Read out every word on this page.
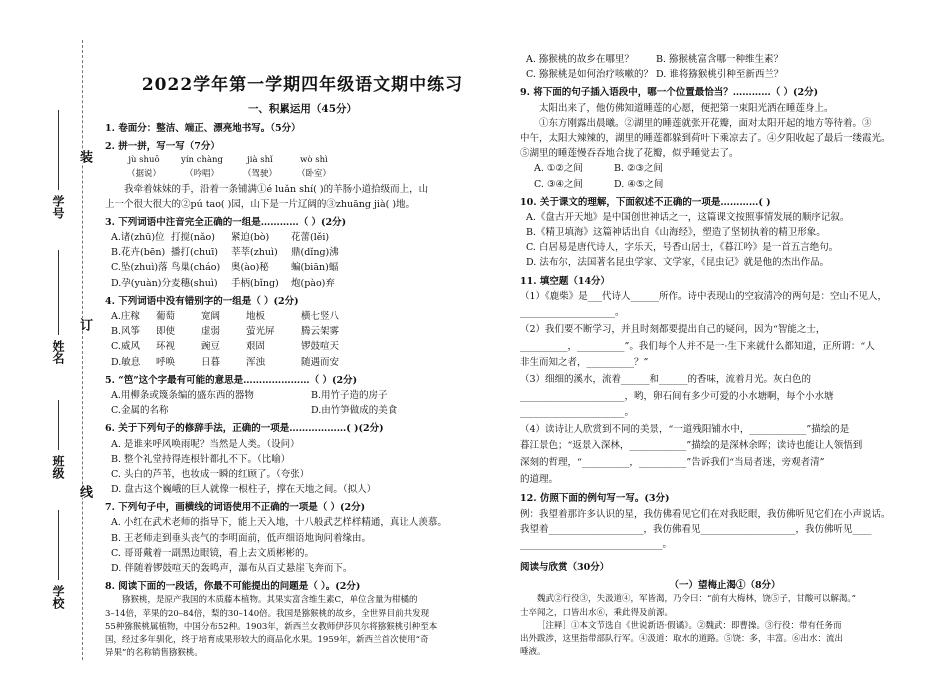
装
订
线
学号
姓名
班级
学校
2022学年第一学期四年级语文期中练习
一、积累运用（45分）
1. 卷面分：整洁、端正、漂亮地书写。（5分）
2. 拼一拼，写一写（7分）
jù shuō
（据说）
yín chàng
（吟唱）
jià shǐ
（驾驶）
wò shì
（卧室）
我牵着妹妹的手，沿着一条铺满①é luǎn shí( )的羊肠小道拾级而上，山
上一个很大很大的②pú tao( )园，山下是一片辽阔的③zhuāng jià( )地。
3. 下列词语中注音完全正确的一组是…………（ ）(2分)
A.诸(zhū)位 打搅(nǎo)	紧迫(bò)	花蕾(lěi)
B.花卉(bēn) 播打(chuī)	莘莘(zhuì)	鼎(dǐng)沸
C.坠(zhuì)落 鸟巢(cháo)	奥(ào)秘	蝙(biān)蝠
D.孕(yuàn)分 麦穗(shuì)	手柄(bǐng)	炮(pào)弃
4. 下列词语中没有错别字的一组是（ ）(2分)
A.庄稼	葡萄	宽阔	地板	横七竖八
B.风筝	即使	虚弱	萤光屏	腾云架雾
C.威风	环视	豌豆	艰固	锣鼓喧天
D.敏息	呼唤	日暮	浑浊	随遇而安
5. “笆”这个字最有可能的意思是…………………（ ）(2分)
A.用柳条或篾条编的盛东西的器物	B.用竹子造的房子
C.金属的名称	D.由竹笋做成的美食
6. 关于下列句子的修辞手法，正确的一项是………………( )(2分)
A. 是谁来呼风唤雨呢？当然是人类。（设问）
B. 整个礼堂持得连根针都扎不下。（比喻）
C. 头白的芦苇，也妆成一瞬的红顾了。（夸张）
D. 盘古这个巍峨的巨人就像一根柱子，撑在天地之间。（拟人）
7. 下列句子中，画横线的词语使用不正确的一项是（ ）(2分)
A. 小红在武术老师的指导下，能上天入地，十八般武艺样样精通，真让人羡慕。
B. 王老师走到垂头丧气的李明面前，低声细语地询问着缘由。
C. 哥哥戴着一副黑边眼镜，看上去文质彬彬的。
D. 伴随着锣鼓喧天的轰鸣声，瀑布从百丈悬崖飞奔而下。
8. 阅读下面的一段话，你最不可能提出的问题是（ ）。(2分)
猕猴桃，是原产我国的木质藤本植物。其果实富含维生素C，单位含量为柑橘的
3–14倍，苹果的20–84倍，梨的30–140倍。我国是猕猴桃的故乡，全世界目前共发现
55种猕猴桃属植物，中国分布52种。1903年，新西兰女教师伊莎贝尔将猕猴桃引种至本
国，经过多年驯化，终于培育成果形较大的商品化水果。1959年，新西兰首次使用“奇
异果”的名称销售猕猴桃。
A. 猕猴桃的故乡在哪里？	B. 猕猴桃富含哪一种维生素？
C. 猕猴桃是如何治疗咳嗽的？ D. 谁将猕猴桃引种至新西兰？
9. 将下面的句子插入语段中，哪一个位置最恰当？…………（ ）(2分)
太阳出来了，他仿佛知道睡莲的心愿，便把第一束阳光洒在睡莲身上。
①东方刚露出晨曦。②湖里的睡莲就张开花瓣，面对太阳开起的地方等待着。③
中午，太阳大辣辣的，湖里的睡莲都躲到荷叶下乘凉去了。④夕阳收起了最后一缕霞光。
⑤湖里的睡莲慢吞吞地合拢了花瓣，似乎睡觉去了。
A. ①②之间	B. ②③之间
C. ③④之间	D. ④⑤之间
10. 关于课文的理解，下面叙述不正确的一项是…………( )
A.《盘古开天地》是中国创世神话之一，这篇课文按照事情发展的顺序记叙。
B.《精卫填海》这篇神话出自《山海经》，塑造了坚韧执着的精卫形象。
C. 白居易是唐代诗人，字乐天，号香山居士，《暮江吟》是一首五言绝句。
D. 法布尔，法国著名昆虫学家、文学家，《昆虫记》就是他的杰出作品。
11. 填空题（14分）
（1）《鹿柴》是___代诗人______所作。诗中表现山的空寂清冷的两句是：空山不见人，
____________________。
（2）我们要不断学习，并且时刻都要提出自己的疑问，因为“智能之士，
__________，__________”。我们每个人并不是一·生下来就什么都知道，正所谓：“人
非生而知之者，__________？”
（3）细细的溪水，流着______和______的香味，流着月光。灰白色的
______________________，哟，卵石间有多少可爱的小水塘啊，每个小水塘
______________________。
（4）读诗让人欣赏到不同的美景，“一道残阳铺水中，____________”描绘的是
暮江景色；“返景入深林，____________”描绘的是深林余晖；读诗也能让人领悟到
深刻的哲理，“__________，__________”告诉我们“当局者迷，旁观者清”
的道理。
12. 仿照下面的例句写一写。(3分)
例：我望着那许多认识的星，我仿佛看见它们在对我眨眼，我仿佛听见它们在小声说话。
我望着____________________，我仿佛看见____________________，我仿佛听见____
______________________________。
阅读与欣赏（30分）
（一）望梅止渴①（8分）
魏武②行役③，失汲道④，军皆渴，乃令曰：“前有大梅林，饶⑤子，甘酸可以解渴。”
士卒闻之，口皆出水⑥，乘此得及前源。
［注释］①本文节选自《世说新语·假谲》。②魏武：即曹操。③行役：带有任务而
出外跋涉，这里指带部队行军。④汲道：取水的道路。⑤饶：多，丰富。⑥出水：流出
唾液。
